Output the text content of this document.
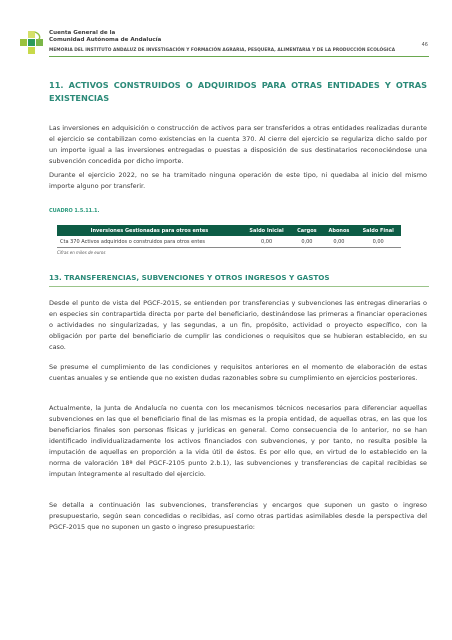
Cuenta General de la
Comunidad Autónoma de Andalucía
MEMORIA DEL INSTITUTO ANDALUZ DE INVESTIGACIÓN Y FORMACIÓN AGRARIA, PESQUERA, ALIMENTARIA Y DE LA PRODUCCIÓN ECOLÓGICA
46
11. ACTIVOS CONSTRUIDOS O ADQUIRIDOS PARA OTRAS ENTIDADES Y OTRAS EXISTENCIAS
Las inversiones en adquisición o construcción de activos para ser transferidos a otras entidades realizadas durante el ejercicio se contabilizan como existencias en la cuenta 370. Al cierre del ejercicio se regulariza dicho saldo por un importe igual a las inversiones entregadas o puestas a disposición de sus destinatarios reconociéndose una subvención concedida por dicho importe.
Durante el ejercicio 2022, no se ha tramitado ninguna operación de este tipo, ni quedaba al inicio del mismo importe alguno por transferir.
CUADRO 1.5.11.1.
Inversiones Gestionadas para otros entes	Saldo Inicial	Cargos	Abonos	Saldo Final
Cta 370 Activos adquiridos o construidos para otros entes	0,00	0,00	0,00	0,00
Cifras en miles de euros
13. TRANSFERENCIAS, SUBVENCIONES Y OTROS INGRESOS Y GASTOS
Desde el punto de vista del PGCF-2015, se entienden por transferencias y subvenciones las entregas dinerarias o en especies sin contrapartida directa por parte del beneficiario, destinándose las primeras a financiar operaciones o actividades no singularizadas, y las segundas, a un fin, propósito, actividad o proyecto específico, con la obligación por parte del beneficiario de cumplir las condiciones o requisitos que se hubieran establecido, en su caso.
Se presume el cumplimiento de las condiciones y requisitos anteriores en el momento de elaboración de estas cuentas anuales y se entiende que no existen dudas razonables sobre su cumplimiento en ejercicios posteriores.
Actualmente, la Junta de Andalucía no cuenta con los mecanismos técnicos necesarios para diferenciar aquellas subvenciones en las que el beneficiario final de las mismas es la propia entidad, de aquellas otras, en las que los beneficiarios finales son personas físicas y jurídicas en general. Como consecuencia de lo anterior, no se han identificado individualizadamente los activos financiados con subvenciones, y por tanto, no resulta posible la imputación de aquellas en proporción a la vida útil de éstos. Es por ello que, en virtud de lo establecido en la norma de valoración 18ª del PGCF-2105 punto 2.b.1), las subvenciones y transferencias de capital recibidas se imputan íntegramente al resultado del ejercicio.
Se detalla a continuación las subvenciones, transferencias y encargos que suponen un gasto o ingreso presupuestario, según sean concedidas o recibidas, así como otras partidas asimilables desde la perspectiva del PGCF-2015 que no suponen un gasto o ingreso presupuestario:
